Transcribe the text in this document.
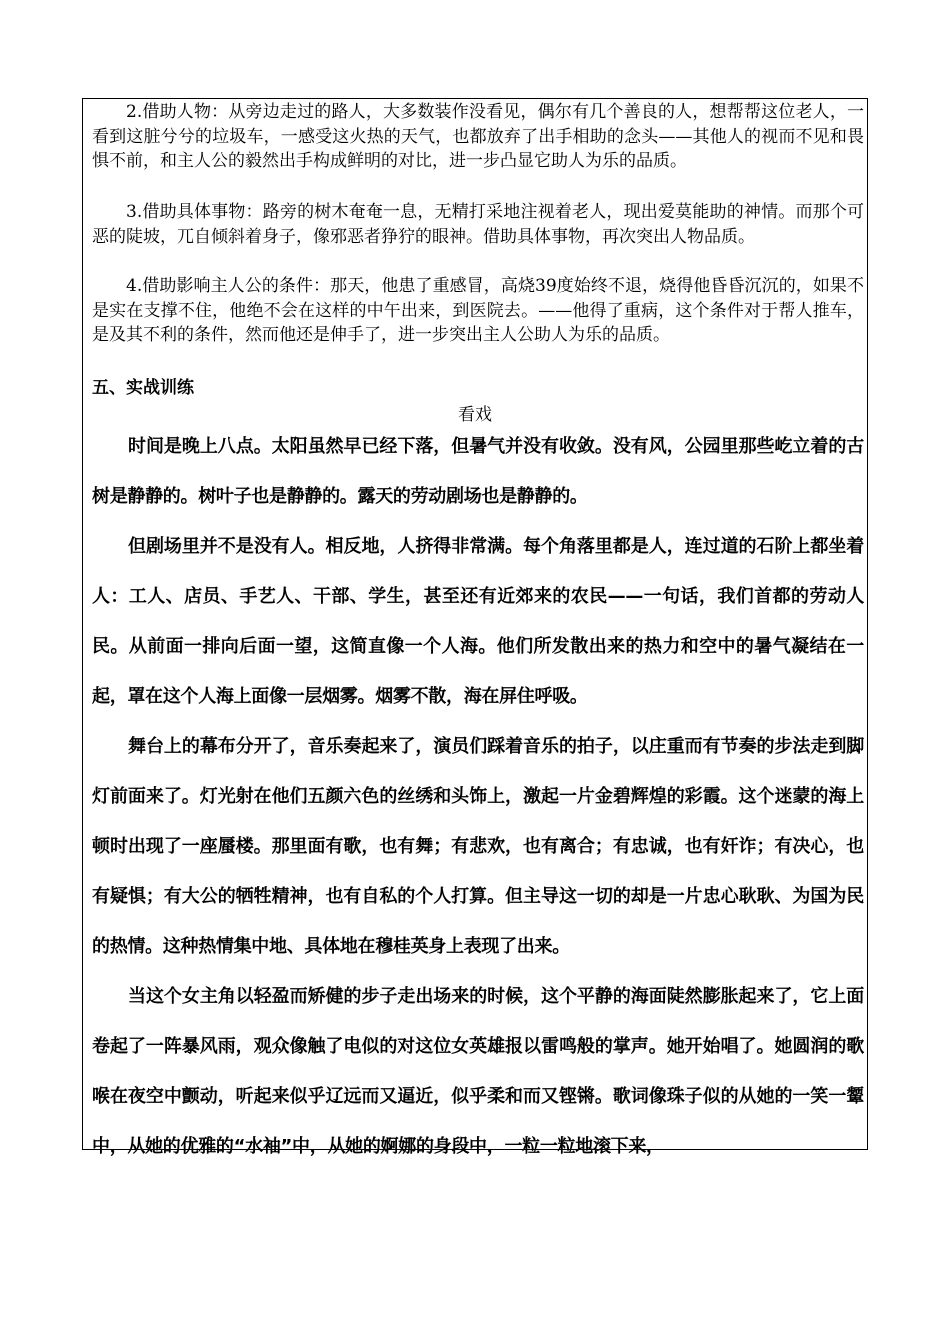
2.借助人物：从旁边走过的路人，大多数装作没看见，偶尔有几个善良的人，想帮帮这位老人，一看到这脏兮兮的垃圾车，一感受这火热的天气，也都放弃了出手相助的念头——其他人的视而不见和畏惧不前，和主人公的毅然出手构成鲜明的对比，进一步凸显它助人为乐的品质。

3.借助具体事物：路旁的树木奄奄一息，无精打采地注视着老人，现出爱莫能助的神情。而那个可恶的陡坡，兀自倾斜着身子，像邪恶者狰狞的眼神。借助具体事物，再次突出人物品质。

4.借助影响主人公的条件：那天，他患了重感冒，高烧39度始终不退，烧得他昏昏沉沉的，如果不是实在支撑不住，他绝不会在这样的中午出来，到医院去。——他得了重病，这个条件对于帮人推车，是及其不利的条件，然而他还是伸手了，进一步突出主人公助人为乐的品质。

五、实战训练

看戏

时间是晚上八点。太阳虽然早已经下落，但暑气并没有收敛。没有风，公园里那些屹立着的古树是静静的。树叶子也是静静的。露天的劳动剧场也是静静的。

但剧场里并不是没有人。相反地，人挤得非常满。每个角落里都是人，连过道的石阶上都坐着人：工人、店员、手艺人、干部、学生，甚至还有近郊来的农民——一句话，我们首都的劳动人民。从前面一排向后面一望，这简直像一个人海。他们所发散出来的热力和空中的暑气凝结在一起，罩在这个人海上面像一层烟雾。烟雾不散，海在屏住呼吸。

舞台上的幕布分开了，音乐奏起来了，演员们踩着音乐的拍子，以庄重而有节奏的步法走到脚灯前面来了。灯光射在他们五颜六色的丝绣和头饰上，激起一片金碧辉煌的彩霞。这个迷蒙的海上顿时出现了一座蜃楼。那里面有歌，也有舞；有悲欢，也有离合；有忠诚，也有奸诈；有决心，也有疑惧；有大公的牺牲精神，也有自私的个人打算。但主导这一切的却是一片忠心耿耿、为国为民的热情。这种热情集中地、具体地在穆桂英身上表现了出来。

当这个女主角以轻盈而矫健的步子走出场来的时候，这个平静的海面陡然膨胀起来了，它上面卷起了一阵暴风雨，观众像触了电似的对这位女英雄报以雷鸣般的掌声。她开始唱了。她圆润的歌喉在夜空中颤动，听起来似乎辽远而又逼近，似乎柔和而又铿锵。歌词像珠子似的从她的一笑一颦中，从她的优雅的“水袖”中，从她的婀娜的身段中，一粒一粒地滚下来，
